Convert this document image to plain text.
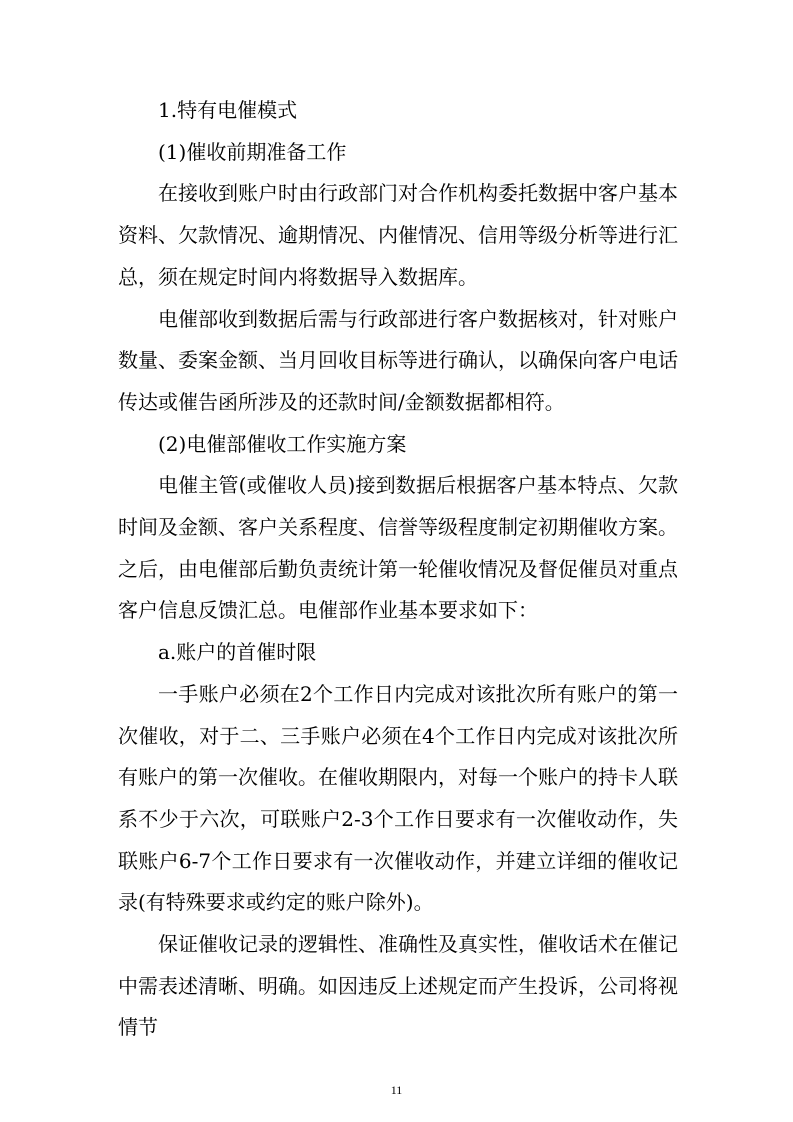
1.特有电催模式

(1)催收前期准备工作

在接收到账户时由行政部门对合作机构委托数据中客户基本资料、欠款情况、逾期情况、内催情况、信用等级分析等进行汇总，须在规定时间内将数据导入数据库。

电催部收到数据后需与行政部进行客户数据核对，针对账户数量、委案金额、当月回收目标等进行确认，以确保向客户电话传达或催告函所涉及的还款时间/金额数据都相符。

(2)电催部催收工作实施方案

电催主管(或催收人员)接到数据后根据客户基本特点、欠款时间及金额、客户关系程度、信誉等级程度制定初期催收方案。之后，由电催部后勤负责统计第一轮催收情况及督促催员对重点客户信息反馈汇总。电催部作业基本要求如下：

a.账户的首催时限

一手账户必须在2个工作日内完成对该批次所有账户的第一次催收，对于二、三手账户必须在4个工作日内完成对该批次所有账户的第一次催收。在催收期限内，对每一个账户的持卡人联系不少于六次，可联账户2-3个工作日要求有一次催收动作，失联账户6-7个工作日要求有一次催收动作，并建立详细的催收记录(有特殊要求或约定的账户除外)。

保证催收记录的逻辑性、准确性及真实性，催收话术在催记中需表述清晰、明确。如因违反上述规定而产生投诉，公司将视情节

11
